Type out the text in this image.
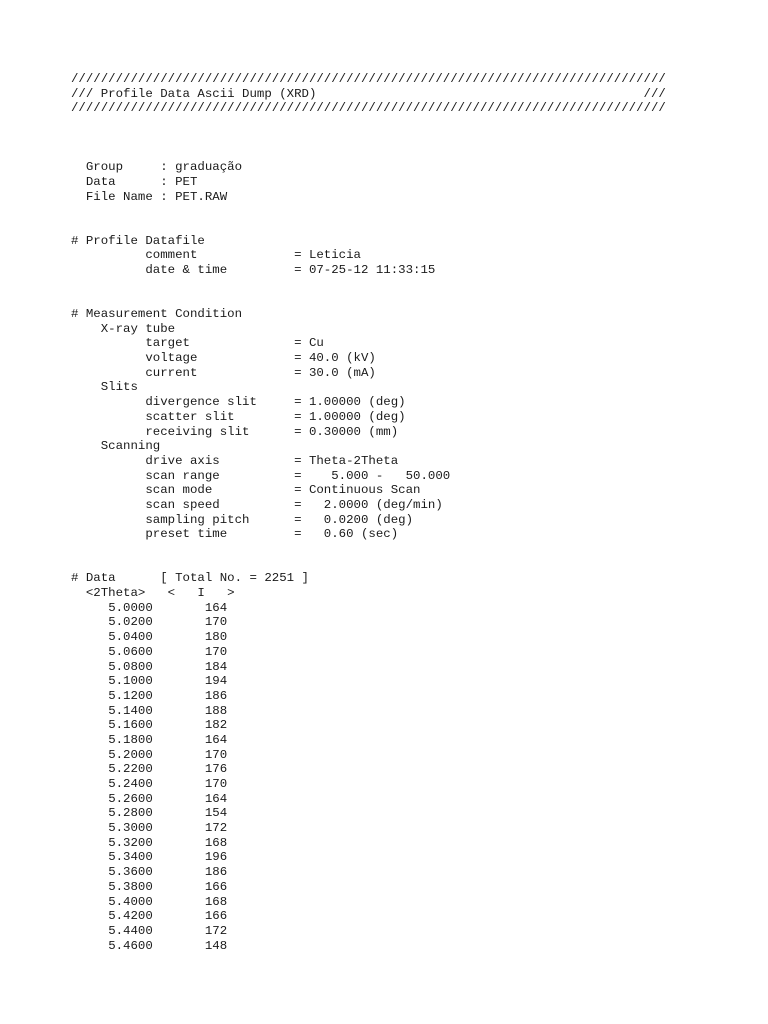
////////////////////////////////////////////////////////////////////////////////
/// Profile Data Ascii Dump (XRD)                                            ///
////////////////////////////////////////////////////////////////////////////////
Group     : graduação
Data      : PET
File Name : PET.RAW
# Profile Datafile
comment             = Leticia
date & time         = 07-25-12 11:33:15
# Measurement Condition
X-ray tube
target              = Cu
voltage             = 40.0 (kV)
current             = 30.0 (mA)
Slits
divergence slit     = 1.00000 (deg)
scatter slit        = 1.00000 (deg)
receiving slit      = 0.30000 (mm)
Scanning
drive axis          = Theta-2Theta
scan range          =    5.000 -   50.000
scan mode           = Continuous Scan
scan speed          =   2.0000 (deg/min)
sampling pitch      =   0.0200 (deg)
preset time         =   0.60 (sec)
# Data      [ Total No. = 2251 ]
<2Theta>   <   I   >
5.0000	164
5.0200	170
5.0400	180
5.0600	170
5.0800	184
5.1000	194
5.1200	186
5.1400	188
5.1600	182
5.1800	164
5.2000	170
5.2200	176
5.2400	170
5.2600	164
5.2800	154
5.3000	172
5.3200	168
5.3400	196
5.3600	186
5.3800	166
5.4000	168
5.4200	166
5.4400	172
5.4600	148
